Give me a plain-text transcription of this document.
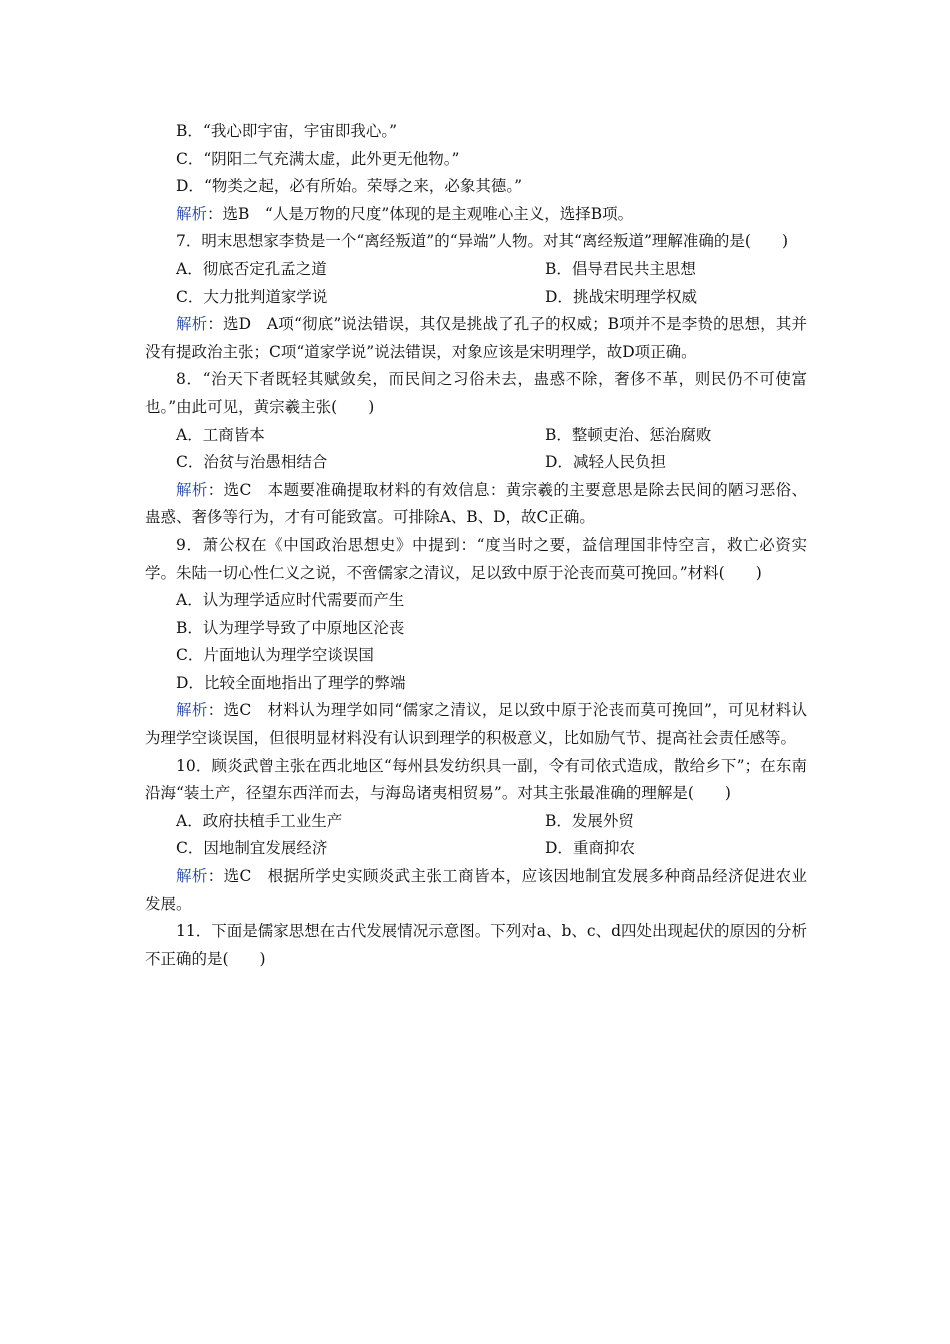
B．“我心即宇宙，宇宙即我心。”

C．“阴阳二气充满太虚，此外更无他物。”

D．“物类之起，必有所始。荣辱之来，必象其德。”

解析：选B　“人是万物的尺度”体现的是主观唯心主义，选择B项。

7．明末思想家李贽是一个“离经叛道”的“异端”人物。对其“离经叛道”理解准确的是(　　)

A．彻底否定孔孟之道	B．倡导君民共主思想
C．大力批判道家学说	D．挑战宋明理学权威

解析：选D　A项“彻底”说法错误，其仅是挑战了孔子的权威；B项并不是李贽的思想，其并没有提政治主张；C项“道家学说”说法错误，对象应该是宋明理学，故D项正确。

8．“治天下者既轻其赋敛矣，而民间之习俗未去，蛊惑不除，奢侈不革，则民仍不可使富也。”由此可见，黄宗羲主张(　　)

A．工商皆本	B．整顿吏治、惩治腐败
C．治贫与治愚相结合	D．减轻人民负担

解析：选C　本题要准确提取材料的有效信息：黄宗羲的主要意思是除去民间的陋习恶俗、蛊惑、奢侈等行为，才有可能致富。可排除A、B、D，故C正确。

9．萧公权在《中国政治思想史》中提到：“度当时之要，益信理国非恃空言，救亡必资实学。朱陆一切心性仁义之说，不啻儒家之清议，足以致中原于沦丧而莫可挽回。”材料(　　)

A．认为理学适应时代需要而产生

B．认为理学导致了中原地区沦丧

C．片面地认为理学空谈误国

D．比较全面地指出了理学的弊端

解析：选C　材料认为理学如同“儒家之清议，足以致中原于沦丧而莫可挽回”，可见材料认为理学空谈误国，但很明显材料没有认识到理学的积极意义，比如励气节、提高社会责任感等。

10．顾炎武曾主张在西北地区“每州县发纺织具一副，令有司依式造成，散给乡下”；在东南沿海“装土产，径望东西洋而去，与海岛诸夷相贸易”。对其主张最准确的理解是(　　)

A．政府扶植手工业生产	B．发展外贸
C．因地制宜发展经济	D．重商抑农

解析：选C　根据所学史实顾炎武主张工商皆本，应该因地制宜发展多种商品经济促进农业发展。

11．下面是儒家思想在古代发展情况示意图。下列对a、b、c、d四处出现起伏的原因的分析不正确的是(　　)
